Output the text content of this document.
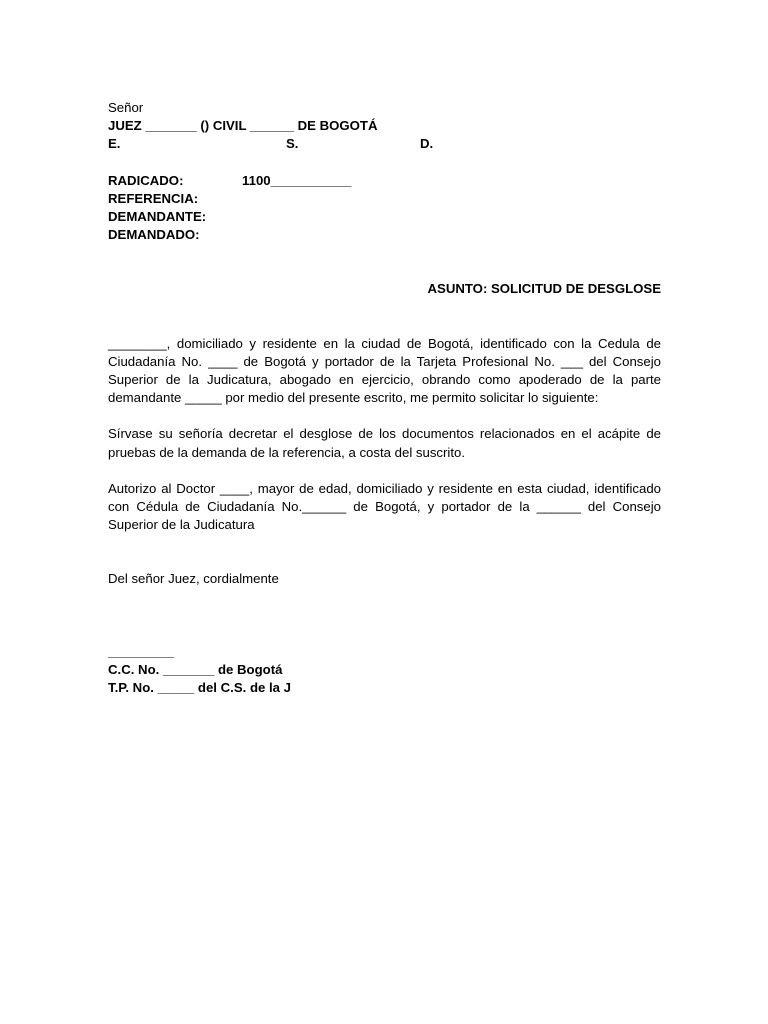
Señor
JUEZ _______ () CIVIL ______ DE BOGOTÁ
E.	S.	D.
RADICADO:	1100___________
REFERENCIA:
DEMANDANTE:
DEMANDADO:
ASUNTO: SOLICITUD DE DESGLOSE

________, domiciliado y residente en la ciudad de Bogotá, identificado con la Cedula de Ciudadanía No. ____ de Bogotá y portador de la Tarjeta Profesional No. ___ del Consejo Superior de la Judicatura, abogado en ejercicio, obrando como apoderado de la parte demandante _____ por medio del presente escrito, me permito solicitar lo siguiente:

Sírvase su señoría decretar el desglose de los documentos relacionados en el acápite de pruebas de la demanda de la referencia, a costa del suscrito.

Autorizo al Doctor ____, mayor de edad, domiciliado y residente en esta ciudad, identificado con Cédula de Ciudadanía No.______ de Bogotá, y portador de la ______ del Consejo Superior de la Judicatura

Del señor Juez, cordialmente
_________
C.C. No. _______ de Bogotá
T.P. No. _____ del C.S. de la J
